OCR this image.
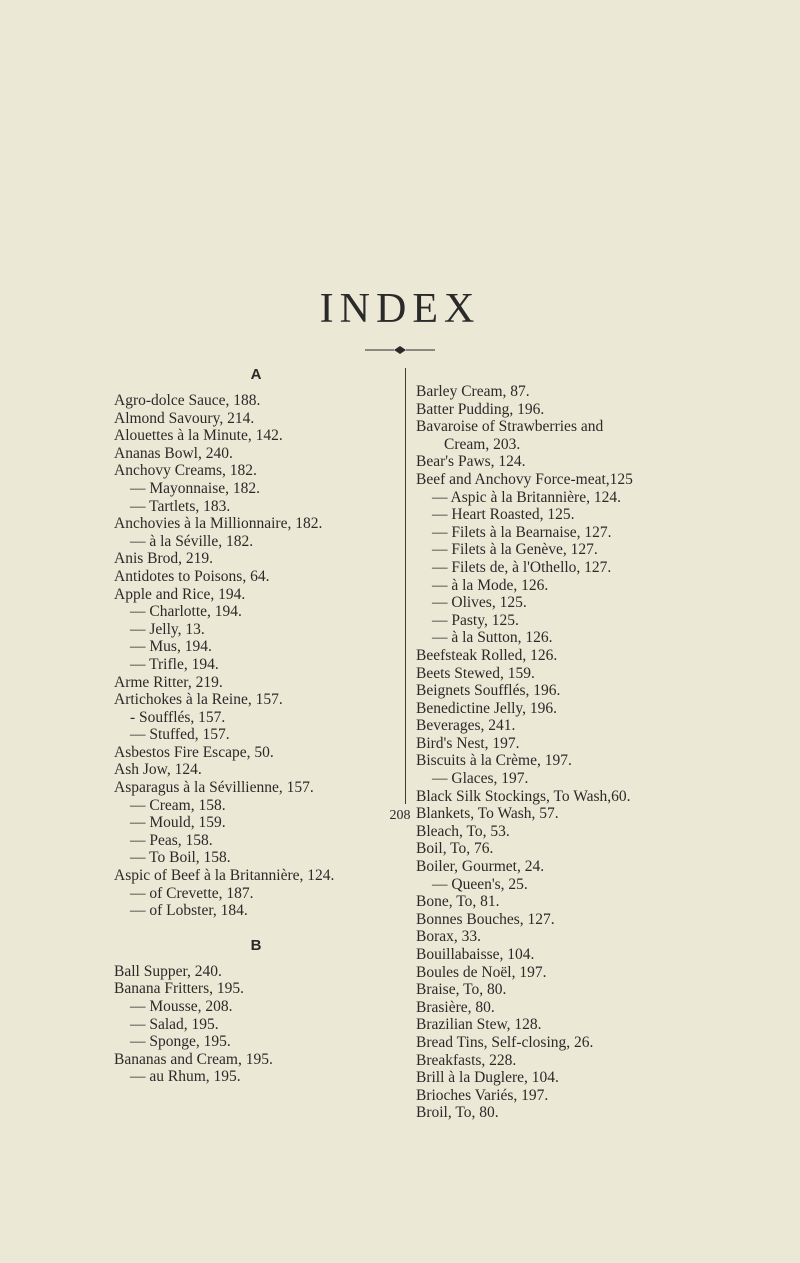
INDEX
A
Agro-dolce Sauce, 188.
Almond Savoury, 214.
Alouettes à la Minute, 142.
Ananas Bowl, 240.
Anchovy Creams, 182.
— Mayonnaise, 182.
— Tartlets, 183.
Anchovies à la Millionnaire, 182.
— à la Séville, 182.
Anis Brod, 219.
Antidotes to Poisons, 64.
Apple and Rice, 194.
— Charlotte, 194.
— Jelly, 13.
— Mus, 194.
— Trifle, 194.
Arme Ritter, 219.
Artichokes à la Reine, 157.
- Soufflés, 157.
— Stuffed, 157.
Asbestos Fire Escape, 50.
Ash Jow, 124.
Asparagus à la Sévillienne, 157.
— Cream, 158.
— Mould, 159.
— Peas, 158.
— To Boil, 158.
Aspic of Beef à la Britannière, 124.
— of Crevette, 187.
— of Lobster, 184.
B
Ball Supper, 240.
Banana Fritters, 195.
— Mousse, 208.
— Salad, 195.
— Sponge, 195.
Bananas and Cream, 195.
— au Rhum, 195.
Barley Cream, 87.
Batter Pudding, 196.
Bavaroise of Strawberries and
Cream, 203.
Bear's Paws, 124.
Beef and Anchovy Force-meat,125
— Aspic à la Britannière, 124.
— Heart Roasted, 125.
— Filets à la Bearnaise, 127.
— Filets à la Genève, 127.
— Filets de, à l'Othello, 127.
— à la Mode, 126.
— Olives, 125.
— Pasty, 125.
— à la Sutton, 126.
Beefsteak Rolled, 126.
Beets Stewed, 159.
Beignets Soufflés, 196.
Benedictine Jelly, 196.
Beverages, 241.
Bird's Nest, 197.
Biscuits à la Crème, 197.
— Glaces, 197.
Black Silk Stockings, To Wash,60.
Blankets, To Wash, 57.
Bleach, To, 53.
Boil, To, 76.
Boiler, Gourmet, 24.
— Queen's, 25.
Bone, To, 81.
Bonnes Bouches, 127.
Borax, 33.
Bouillabaisse, 104.
Boules de Noël, 197.
Braise, To, 80.
Brasière, 80.
Brazilian Stew, 128.
Bread Tins, Self-closing, 26.
Breakfasts, 228.
Brill à la Duglere, 104.
Brioches Variés, 197.
Broil, To, 80.
208
